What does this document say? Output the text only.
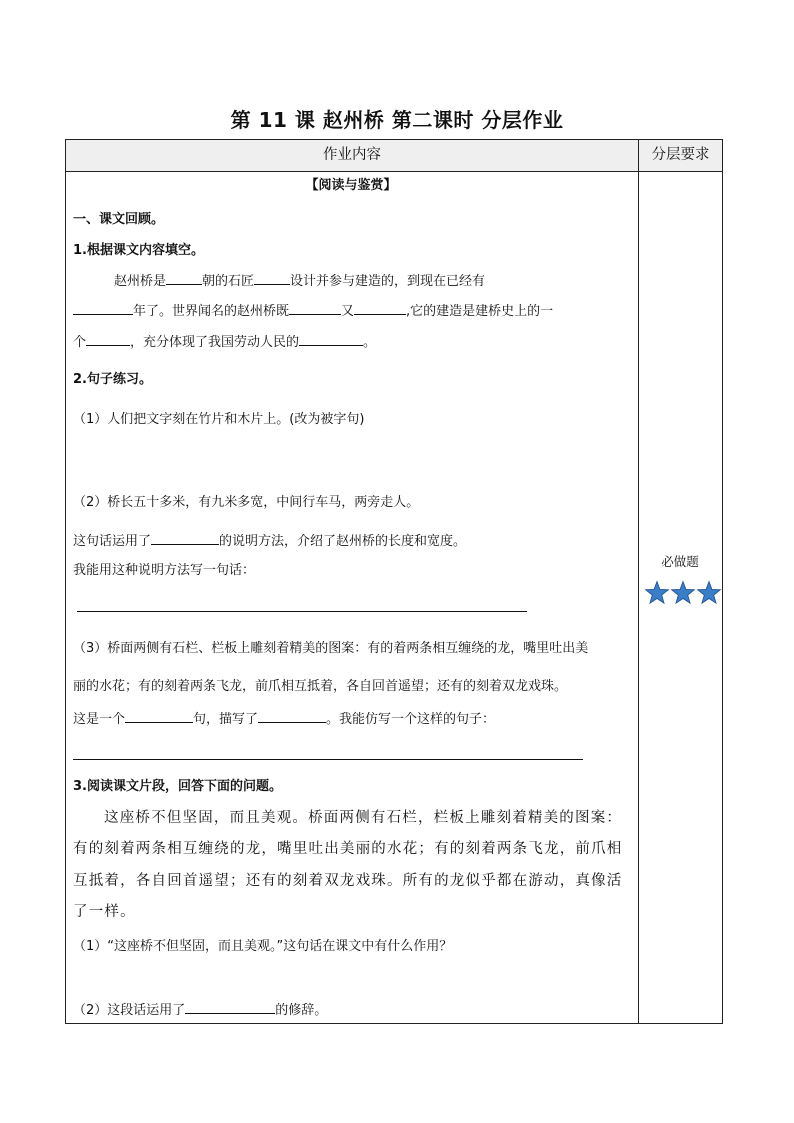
第 11 课 赵州桥 第二课时 分层作业
作业内容	分层要求
【阅读与鉴赏】
一、课文回顾。
1.根据课文内容填空。
赵州桥是	朝的石匠	设计并参与建造的，到现在已经有
年了。世界闻名的赵州桥既	又	,它的建造是建桥史上的一
个	，充分体现了我国劳动人民的	。
2.句子练习。
（1）人们把文字刻在竹片和木片上。(改为被字句)
（2）桥长五十多米，有九米多宽，中间行车马，两旁走人。
这句话运用了	的说明方法，介绍了赵州桥的长度和宽度。
我能用这种说明方法写一句话：
（3）桥面两侧有石栏、栏板上雕刻着精美的图案：有的着两条相互缠绕的龙，嘴里吐出美
丽的水花；有的刻着两条飞龙，前爪相互抵着，各自回首遥望；还有的刻着双龙戏珠。
这是一个	句，描写了	。我能仿写一个这样的句子：
3.阅读课文片段，回答下面的问题。
这座桥不但坚固，而且美观。桥面两侧有石栏，栏板上雕刻着精美的图案：
有的刻着两条相互缠绕的龙，嘴里吐出美丽的水花；有的刻着两条飞龙，前爪相
互抵着，各自回首遥望；还有的刻着双龙戏珠。所有的龙似乎都在游动，真像活
了一样。
（1）“这座桥不但坚固，而且美观。”这句话在课文中有什么作用？
（2）这段话运用了	的修辞。
必做题
